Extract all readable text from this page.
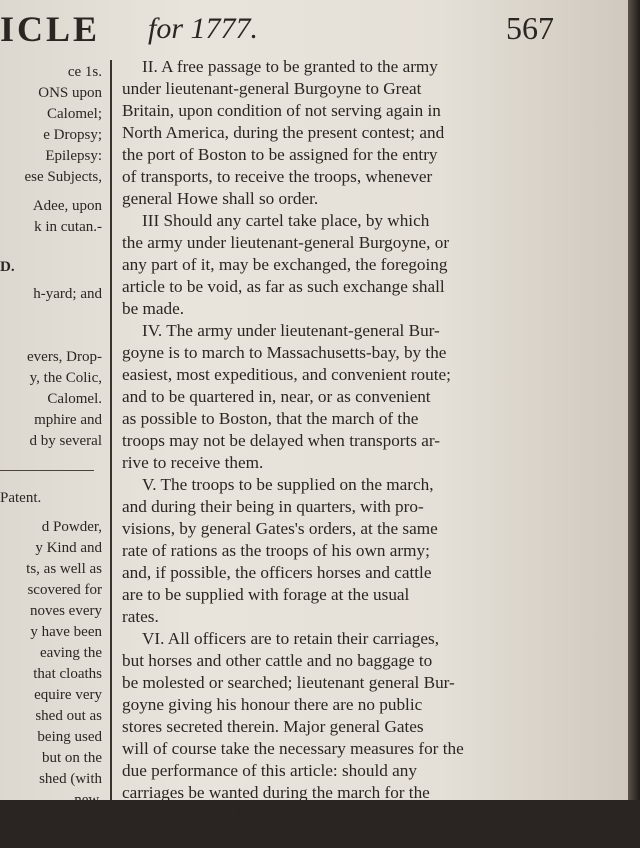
ICLE for 1777.	567
ce 1s.
ONS upon
Calomel;
e Dropsy;
Epilepsy:
ese Subjects,
Adee, upon
k in cutan.-
D.
h-yard; and
evers, Drop-
y, the Colic,
Calomel.
mphire and
d by several
Patent.
d Powder,
y Kind and
ts, as well as
scovered for
noves every
y have been
eaving the
that cloaths
equire very
shed out as
being used
but on the
shed (with
new.
II. A free passage to be granted to the army
under lieutenant-general Burgoyne to Great
Britain, upon condition of not serving again in
North America, during the present contest; and
the port of Boston to be assigned for the entry
of transports, to receive the troops, whenever
general Howe shall so order.
III Should any cartel take place, by which
the army under lieutenant-general Burgoyne, or
any part of it, may be exchanged, the foregoing
article to be void, as far as such exchange shall
be made.
IV. The army under lieutenant-general Bur-
goyne is to march to Massachusetts-bay, by the
easiest, most expeditious, and convenient route;
and to be quartered in, near, or as convenient
as possible to Boston, that the march of the
troops may not be delayed when transports ar-
rive to receive them.
V. The troops to be supplied on the march,
and during their being in quarters, with pro-
visions, by general Gates's orders, at the same
rate of rations as the troops of his own army;
and, if possible, the officers horses and cattle
are to be supplied with forage at the usual
rates.
VI. All officers are to retain their carriages,
but horses and other cattle and no baggage to
be molested or searched; lieutenant general Bur-
goyne giving his honour there are no public
stores secreted therein. Major general Gates
will of course take the necessary measures for the
due performance of this article: should any
carriages be wanted during the march for the
transportation of officers baggage, they are, if
possible, to be supplied by the country at the
